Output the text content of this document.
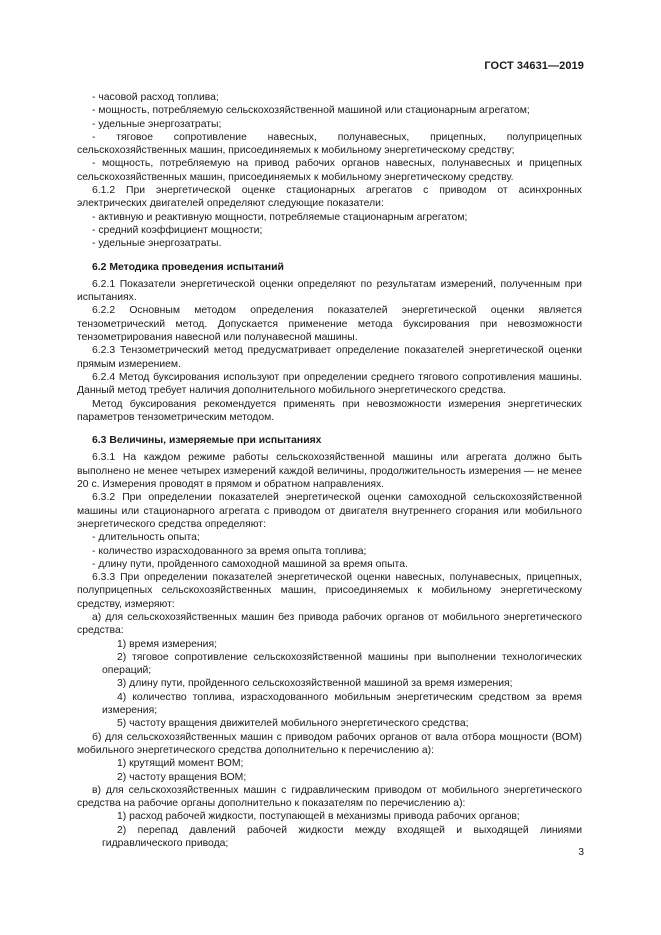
ГОСТ 34631—2019

- часовой расход топлива;

- мощность, потребляемую сельскохозяйственной машиной или стационарным агрегатом;

- удельные энергозатраты;

- тяговое сопротивление навесных, полунавесных, прицепных, полуприцепных сельскохозяйственных машин, присоединяемых к мобильному энергетическому средству;

- мощность, потребляемую на привод рабочих органов навесных, полунавесных и прицепных сельскохозяйственных машин, присоединяемых к мобильному энергетическому средству.

6.1.2 При энергетической оценке стационарных агрегатов с приводом от асинхронных электрических двигателей определяют следующие показатели:

- активную и реактивную мощности, потребляемые стационарным агрегатом;

- средний коэффициент мощности;

- удельные энергозатраты.

6.2 Методика проведения испытаний

6.2.1 Показатели энергетической оценки определяют по результатам измерений, полученным при испытаниях.

6.2.2 Основным методом определения показателей энергетической оценки является тензометрический метод. Допускается применение метода буксирования при невозможности тензометрирования навесной или полунавесной машины.

6.2.3 Тензометрический метод предусматривает определение показателей энергетической оценки прямым измерением.

6.2.4 Метод буксирования используют при определении среднего тягового сопротивления машины. Данный метод требует наличия дополнительного мобильного энергетического средства.

Метод буксирования рекомендуется применять при невозможности измерения энергетических параметров тензометрическим методом.

6.3 Величины, измеряемые при испытаниях

6.3.1 На каждом режиме работы сельскохозяйственной машины или агрегата должно быть выполнено не менее четырех измерений каждой величины, продолжительность измерения — не менее 20 с. Измерения проводят в прямом и обратном направлениях.

6.3.2 При определении показателей энергетической оценки самоходной сельскохозяйственной машины или стационарного агрегата с приводом от двигателя внутреннего сгорания или мобильного энергетического средства определяют:

- длительность опыта;

- количество израсходованного за время опыта топлива;

- длину пути, пройденного самоходной машиной за время опыта.

6.3.3 При определении показателей энергетической оценки навесных, полунавесных, прицепных, полуприцепных сельскохозяйственных машин, присоединяемых к мобильному энергетическому средству, измеряют:

а) для сельскохозяйственных машин без привода рабочих органов от мобильного энергетического средства:

1) время измерения;

2) тяговое сопротивление сельскохозяйственной машины при выполнении технологических операций;

3) длину пути, пройденного сельскохозяйственной машиной за время измерения;

4) количество топлива, израсходованного мобильным энергетическим средством за время измерения;

5) частоту вращения движителей мобильного энергетического средства;

б) для сельскохозяйственных машин с приводом рабочих органов от вала отбора мощности (ВОМ) мобильного энергетического средства дополнительно к перечислению а):

1) крутящий момент ВОМ;

2) частоту вращения ВОМ;

в) для сельскохозяйственных машин с гидравлическим приводом от мобильного энергетического средства на рабочие органы дополнительно к показателям по перечислению а):

1) расход рабочей жидкости, поступающей в механизмы привода рабочих органов;

2) перепад давлений рабочей жидкости между входящей и выходящей линиями гидравлического привода;

3
